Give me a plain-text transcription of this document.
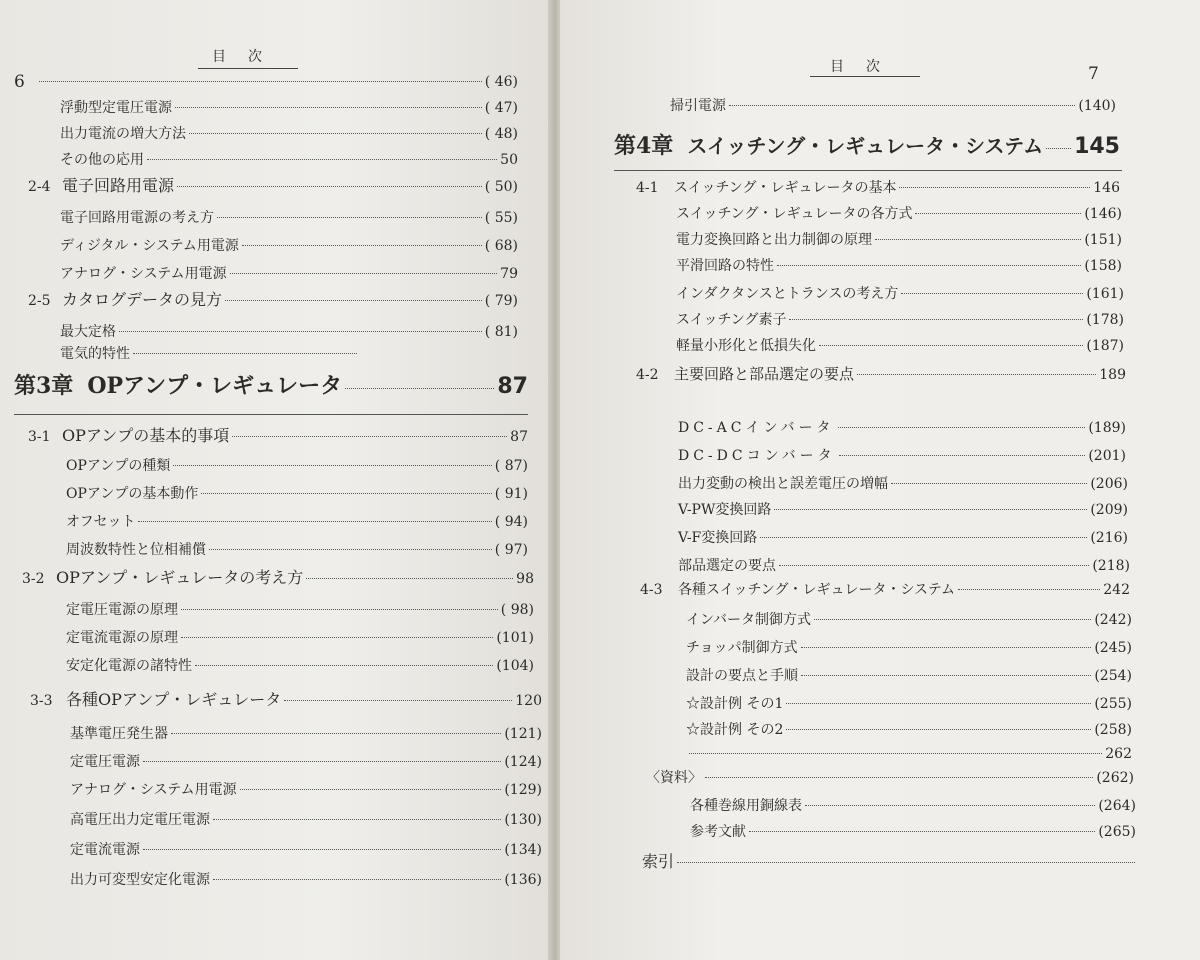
目次
6	( 46)
浮動型定電圧電源	( 47)
出力電流の増大方法	( 48)
その他の応用	50
2-4 電子回路用電源	( 50)
電子回路用電源の考え方	( 55)
ディジタル・システム用電源	( 68)
アナログ・システム用電源	79
2-5 カタログデータの見方	( 79)
最大定格	( 81)
電気的特性
第3章 OPアンプ・レギュレータ	87
3-1 OPアンプの基本的事項	87
OPアンプの種類	( 87)
OPアンプの基本動作	( 91)
オフセット	( 94)
周波数特性と位相補償	( 97)
3-2 OPアンプ・レギュレータの考え方	98
定電圧電源の原理	( 98)
定電流電源の原理	(101)
安定化電源の諸特性	(104)
3-3 各種OPアンプ・レギュレータ	120
基準電圧発生器	(121)
定電圧電源	(124)
アナログ・システム用電源	(129)
高電圧出力定電圧電源	(130)
定電流電源	(134)
出力可変型安定化電源	(136)
目次	7
掃引電源	(140)
第4章 スイッチング・レギュレータ・システム 145
4-1	スイッチング・レギュレータの基本	146
スイッチング・レギュレータの各方式	(146)
電力変換回路と出力制御の原理	(151)
平滑回路の特性	(158)
インダクタンスとトランスの考え方	(161)
スイッチング素子	(178)
軽量小形化と低損失化	(187)
4-2	主要回路と部品選定の要点	189
DC-ACインバータ	(189)
DC-DCコンバータ	(201)
出力変動の検出と誤差電圧の増幅	(206)
V-PW変換回路	(209)
V-F変換回路	(216)
部品選定の要点	(218)
4-3	各種スイッチング・レギュレータ・システム	242
インバータ制御方式	(242)
チョッパ制御方式	(245)
設計の要点と手順	(254)
☆設計例 その1	(255)
☆設計例 その2	(258)
262
〈資料〉	(262)
各種巻線用銅線表	(264)
参考文献	(265)
索引
